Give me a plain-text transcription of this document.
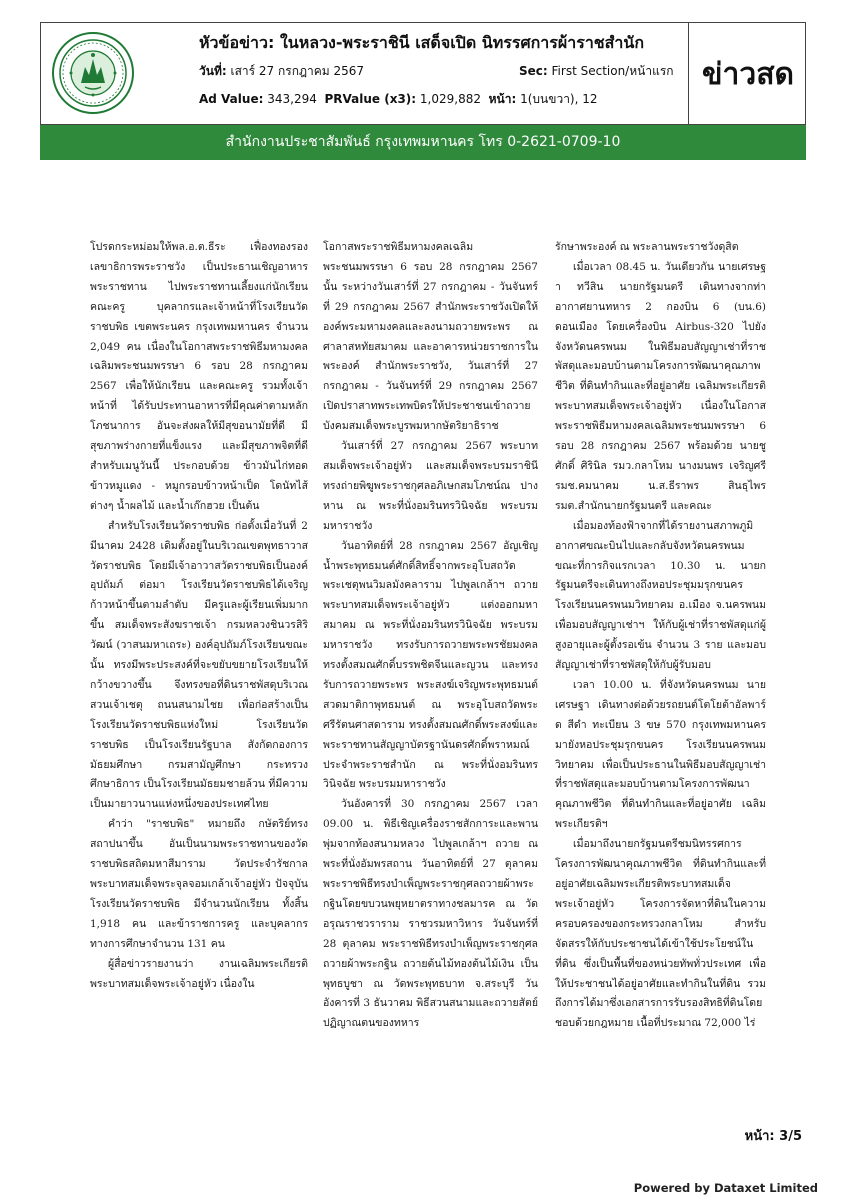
หัวข้อข่าว: ในหลวง-พระราชินี เสด็จเปิด นิทรรศการผ้าราชสำนัก
วันที่: เสาร์ 27 กรกฎาคม 2567	Sec: First Section/หน้าแรก
Ad Value: 343,294 PRValue (x3): 1,029,882 หน้า: 1(บนขวา), 12
ข่าวสด
สำนักงานประชาสัมพันธ์ กรุงเทพมหานคร โทร 0-2621-0709-10

โปรดกระหม่อมให้พล.อ.ต.ธีระ เฟื่องทองรองเลขาธิการพระราชวัง เป็นประธานเชิญอาหารพระราชทาน ไปพระราชทานเลี้ยงแก่นักเรียน คณะครู บุคลากรและเจ้าหน้าที่โรงเรียนวัดราชบพิธ เขตพระนคร กรุงเทพมหานคร จำนวน 2,049 คน เนื่องในโอกาสพระราชพิธีมหามงคลเฉลิมพระชนมพรรษา 6 รอบ 28 กรกฎาคม 2567 เพื่อให้นักเรียน และคณะครู รวมทั้งเจ้าหน้าที่ ได้รับประทานอาหารที่มีคุณค่าตามหลักโภชนาการ อันจะส่งผลให้มีสุขอนามัยที่ดี มีสุขภาพร่างกายที่แข็งแรง และมีสุขภาพจิตที่ดี สำหรับเมนูวันนี้ ประกอบด้วย ข้าวมันไก่ทอด ข้าวหมูแดง - หมูกรอบข้าวหน้าเป็ด โดนัทไส้ต่างๆ น้ำผลไม้ และน้ำเก๊กฮวย เป็นต้น

สำหรับโรงเรียนวัดราชบพิธ ก่อตั้งเมื่อวันที่ 2 มีนาคม 2428 เดิมตั้งอยู่ในบริเวณเขตพุทธาวาสวัดราชบพิธ โดยมีเจ้าอาวาสวัดราชบพิธเป็นองค์อุปถัมภ์ ต่อมา โรงเรียนวัดราชบพิธได้เจริญก้าวหน้าขึ้นตามลำดับ มีครูและผู้เรียนเพิ่มมากขึ้น สมเด็จพระสังฆราชเจ้า กรมหลวงชินวรสิริวัฒน์ (วาสนมหาเถระ) องค์อุปถัมภ์โรงเรียนขณะนั้น ทรงมีพระประสงค์ที่จะขยับขยายโรงเรียนให้กว้างขวางขึ้น จึงทรงขอที่ดินราชพัสดุบริเวณสวนเจ้าเชตุ ถนนสนามไชย เพื่อก่อสร้างเป็นโรงเรียนวัดราชบพิธแห่งใหม่ โรงเรียนวัดราชบพิธ เป็นโรงเรียนรัฐบาล สังกัดกองการมัธยมศึกษา กรมสามัญศึกษา กระทรวงศึกษาธิการ เป็นโรงเรียนมัธยมชายล้วน ที่มีความเป็นมายาวนานแห่งหนึ่งของประเทศไทย

คำว่า "ราชบพิธ" หมายถึง กษัตริย์ทรงสถาปนาขึ้น อันเป็นนามพระราชทานของวัดราชบพิธสถิตมหาสีมาราม วัดประจำรัชกาลพระบาทสมเด็จพระจุลจอมเกล้าเจ้าอยู่หัว ปัจจุบันโรงเรียนวัดราชบพิธ มีจำนวนนักเรียน ทั้งสิ้น 1,918 คน และข้าราชการครู และบุคลากรทางการศึกษาจำนวน 131 คน

ผู้สื่อข่าวรายงานว่า งานเฉลิมพระเกียรติพระบาทสมเด็จพระเจ้าอยู่หัว เนื่องใน

โอกาสพระราชพิธีมหามงคลเฉลิมพระชนมพรรษา 6 รอบ 28 กรกฎาคม 2567 นั้น ระหว่างวันเสาร์ที่ 27 กรกฎาคม - วันจันทร์ที่ 29 กรกฎาคม 2567 สำนักพระราชวังเปิดให้องค์พระมหามงคลและลงนามถวายพระพร ณ ศาลาสหทัยสมาคม และอาคารหน่วยราชการในพระองค์ สำนักพระราชวัง, วันเสาร์ที่ 27 กรกฎาคม - วันจันทร์ที่ 29 กรกฎาคม 2567 เปิดปราสาทพระเทพบิดรให้ประชาชนเข้าถวายบังคมสมเด็จพระบูรพมหากษัตริยาธิราช

วันเสาร์ที่ 27 กรกฎาคม 2567 พระบาทสมเด็จพระเจ้าอยู่หัว และสมเด็จพระบรมราชินี ทรงถ่ายพิฆูพระราชกุศลอภิเษกสมโภชน์ณ ปางหาน ณ พระที่นั่งอมรินทรวินิจฉัย พระบรมมหาราชวัง

วันอาทิตย์ที่ 28 กรกฎาคม 2567 อัญเชิญน้ำพระพุทธมนต์ศักดิ์สิทธิ์จากพระอุโบสถวัดพระเชตุพนวิมลมังคลาราม ไปพูลเกล้าฯ ถวาย พระบาทสมเด็จพระเจ้าอยู่หัว แต่งออกมหาสมาคม ณ พระที่นั่งอมรินทรวินิจฉัย พระบรมมหาราชวัง ทรงรับการถวายพระพรชัยมงคล ทรงตั้งสมณศักดิ์บรรพชิตจีนและญวน และทรงรับการถวายพระพร พระสงฆ์เจริญพระพุทธมนต์สวดมาติกาพุทธมนต์ ณ พระอุโบสถวัดพระศรีรัตนศาสดาราม ทรงตั้งสมณศักดิ์พระสงฆ์และพระราชทานสัญญาบัตรฐานันดรศักดิ์พราหมณ์ประจำพระราชสำนัก ณ พระที่นั่งอมรินทรวินิจฉัย พระบรมมหาราชวัง

วันอังคารที่ 30 กรกฎาคม 2567 เวลา 09.00 น. พิธีเชิญเครื่องราชสักการะและพานพุ่มจากท้องสนามหลวง ไปพูลเกล้าฯ ถวาย ณ พระที่นั่งอัมพรสถาน วันอาทิตย์ที่ 27 ตุลาคม พระราชพิธีทรงบำเพ็ญพระราชกุศลถวายผ้าพระกฐินโดยขบวนพยุหยาตราทางชลมารค ณ วัดอรุณราชวราราม ราชวรมหาวิหาร วันจันทร์ที่ 28 ตุลาคม พระราชพิธีทรงบำเพ็ญพระราชกุศลถวายผ้าพระกฐิน ถวายต้นไม้ทองต้นไม้เงิน เป็นพุทธบูชา ณ วัดพระพุทธบาท จ.สระบุรี วันอังคารที่ 3 ธันวาคม พิธีสวนสนามและถวายสัตย์ปฏิญาณตนของทหาร

รักษาพระองค์ ณ พระลานพระราชวังดุสิต

เมื่อเวลา 08.45 น. วันเดียวกัน นายเศรษฐา ทวีสิน นายกรัฐมนตรี เดินทางจากท่าอากาศยานทหาร 2 กองบิน 6 (บน.6) ดอนเมือง โดยเครื่องบิน Airbus-320 ไปยังจังหวัดนครพนม ในพิธีมอบสัญญาเช่าที่ราชพัสดุและมอบบ้านตามโครงการพัฒนาคุณภาพชีวิต ที่ดินทำกินและที่อยู่อาศัย เฉลิมพระเกียรติพระบาทสมเด็จพระเจ้าอยู่หัว เนื่องในโอกาสพระราชพิธีมหามงคลเฉลิมพระชนมพรรษา 6 รอบ 28 กรกฎาคม 2567 พร้อมด้วย นายชูศักดิ์ ศิรินิล รมว.กลาโหม นางมนพร เจริญศรี รมช.คมนาคม น.ส.ธีราพร สินธุไพร รมต.สำนักนายกรัฐมนตรี และคณะ

เมื่อมองท้องฟ้าจากที่ได้รายงานสภาพภูมิอากาศขณะบินไปและกลับจังหวัดนครพนม ขณะที่การกิจแรกเวลา 10.30 น. นายกรัฐมนตรีจะเดินทางถึงหอประชุมมรุกขนคร โรงเรียนนครพนมวิทยาคม อ.เมือง จ.นครพนม เพื่อมอบสัญญาเช่าฯ ให้กับผู้เช่าที่ราชพัสดุแก่ผู้สูงอายุและผู้ตั้งรอเข้น จำนวน 3 ราย และมอบสัญญาเช่าที่ราชพัสดุให้กับผู้รับมอบ

เวลา 10.00 น. ที่จังหวัดนครพนม นายเศรษฐา เดินทางต่อด้วยรถยนต์โตโยต้าอัลพาร์ด สีดำ ทะเบียน 3 ขษ 570 กรุงเทพมหานคร มายังหอประชุมรุกขนคร โรงเรียนนครพนมวิทยาคม เพื่อเป็นประธานในพิธีมอบสัญญาเช่าที่ราชพัสดุและมอบบ้านตามโครงการพัฒนาคุณภาพชีวิต ที่ดินทำกินและที่อยู่อาศัย เฉลิมพระเกียรติฯ

เมื่อมาถึงนายกรัฐมนตรีชมนิทรรศการโครงการพัฒนาคุณภาพชีวิต ที่ดินทำกินและที่อยู่อาศัยเฉลิมพระเกียรติพระบาทสมเด็จพระเจ้าอยู่หัว โครงการจัดหาที่ดินในความครอบครองของกระทรวงกลาโหม สำหรับจัดสรรให้กับประชาชนได้เข้าใช้ประโยชน์ในที่ดิน ซึ่งเป็นพื้นที่ของหน่วยทัพทั่วประเทศ เพื่อให้ประชาชนได้อยู่อาศัยและทำกินในที่ดิน รวมถึงการได้มาซึ่งเอกสารการรับรองสิทธิที่ดินโดยชอบด้วยกฎหมาย เนื้อที่ประมาณ 72,000 ไร่

หน้า: 3/5
Powered by Dataxet Limited
